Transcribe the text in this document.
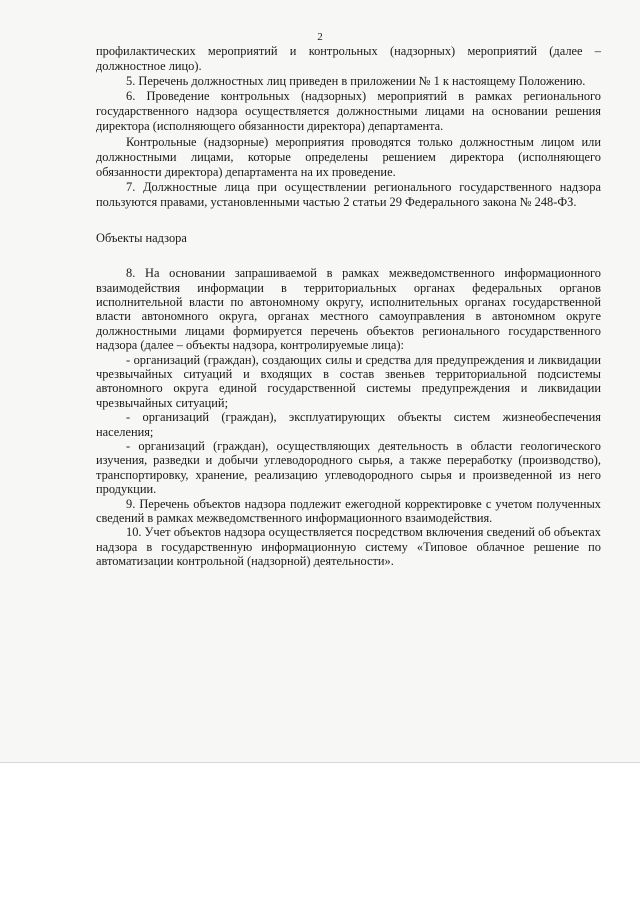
2

профилактических мероприятий и контрольных (надзорных) мероприятий (далее – должностное лицо).

5. Перечень должностных лиц приведен в приложении № 1 к настоящему Положению.

6. Проведение контрольных (надзорных) мероприятий в рамках регионального государственного надзора осуществляется должностными лицами на основании решения директора (исполняющего обязанности директора) департамента.

Контрольные (надзорные) мероприятия проводятся только должностным лицом или должностными лицами, которые определены решением директора (исполняющего обязанности директора) департамента на их проведение.

7. Должностные лица при осуществлении регионального государственного надзора пользуются правами, установленными частью 2 статьи 29 Федерального закона № 248-ФЗ.

Объекты надзора

8. На основании запрашиваемой в рамках межведомственного информационного взаимодействия информации в территориальных органах федеральных органов исполнительной власти по автономному округу, исполнительных органах государственной власти автономного округа, органах местного самоуправления в автономном округе должностными лицами формируется перечень объектов регионального государственного надзора (далее – объекты надзора, контролируемые лица):

- организаций (граждан), создающих силы и средства для предупреждения и ликвидации чрезвычайных ситуаций и входящих в состав звеньев территориальной подсистемы автономного округа единой государственной системы предупреждения и ликвидации чрезвычайных ситуаций;

- организаций (граждан), эксплуатирующих объекты систем жизнеобеспечения населения;

- организаций (граждан), осуществляющих деятельность в области геологического изучения, разведки и добычи углеводородного сырья, а также переработку (производство), транспортировку, хранение, реализацию углеводородного сырья и произведенной из него продукции.

9. Перечень объектов надзора подлежит ежегодной корректировке с учетом полученных сведений в рамках межведомственного информационного взаимодействия.

10. Учет объектов надзора осуществляется посредством включения сведений об объектах надзора в государственную информационную систему «Типовое облачное решение по автоматизации контрольной (надзорной) деятельности».
